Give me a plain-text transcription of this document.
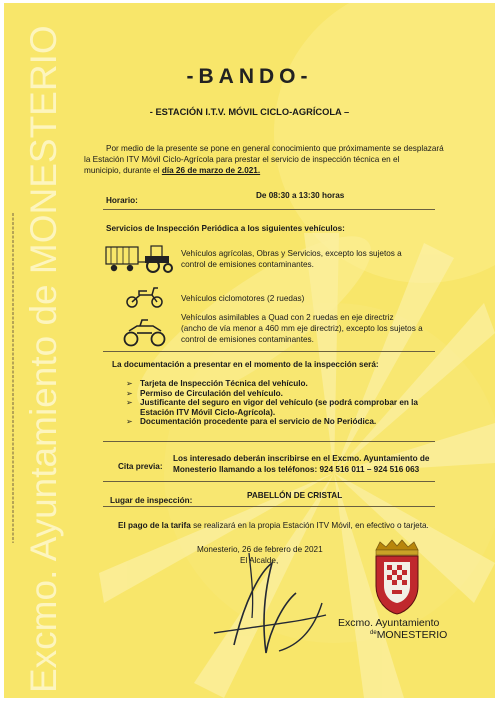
Excmo. Ayuntamiento de MONESTERIO	-BANDO-
- ESTACIÓN I.T.V. MÓVIL CICLO-AGRÍCOLA –
Por medio de la presente se pone en general conocimiento que próximamente se desplazará
la Estación ITV Móvil Ciclo-Agrícola para prestar el servicio de inspección técnica en el
municipio, durante el día 26 de marzo de 2.021.
Horario:
De 08:30 a 13:30 horas
Servicios de Inspección Periódica a los siguientes vehículos:
Vehículos agrícolas, Obras y Servicios, excepto los sujetos a
control de emisiones contaminantes.
Vehículos ciclomotores (2 ruedas)
Vehículos asimilables a Quad con 2 ruedas en eje directriz
(ancho de vía menor a 460 mm eje directriz), excepto los sujetos a
control de emisiones contaminantes.
La documentación a presentar en el momento de la inspección será:
➢ Tarjeta de Inspección Técnica del vehículo.
➢ Permiso de Circulación del vehículo.
➢ Justificante del seguro en vigor del vehículo (se podrá comprobar en la Estación ITV Móvil Ciclo-Agrícola).
➢ Documentación procedente para el servicio de No Periódica.
Cita previa:
Los interesado deberán inscribirse en el Excmo. Ayuntamiento de
Monesterio llamando a los teléfonos: 924 516 011 – 924 516 063
Lugar de inspección:
PABELLÓN DE CRISTAL
El pago de la tarifa se realizará en la propia Estación ITV Móvil, en efectivo o tarjeta.
Monesterio, 26 de febrero de 2021
El Alcalde,
Excmo. Ayuntamiento
$^{de}$MONESTERIO
